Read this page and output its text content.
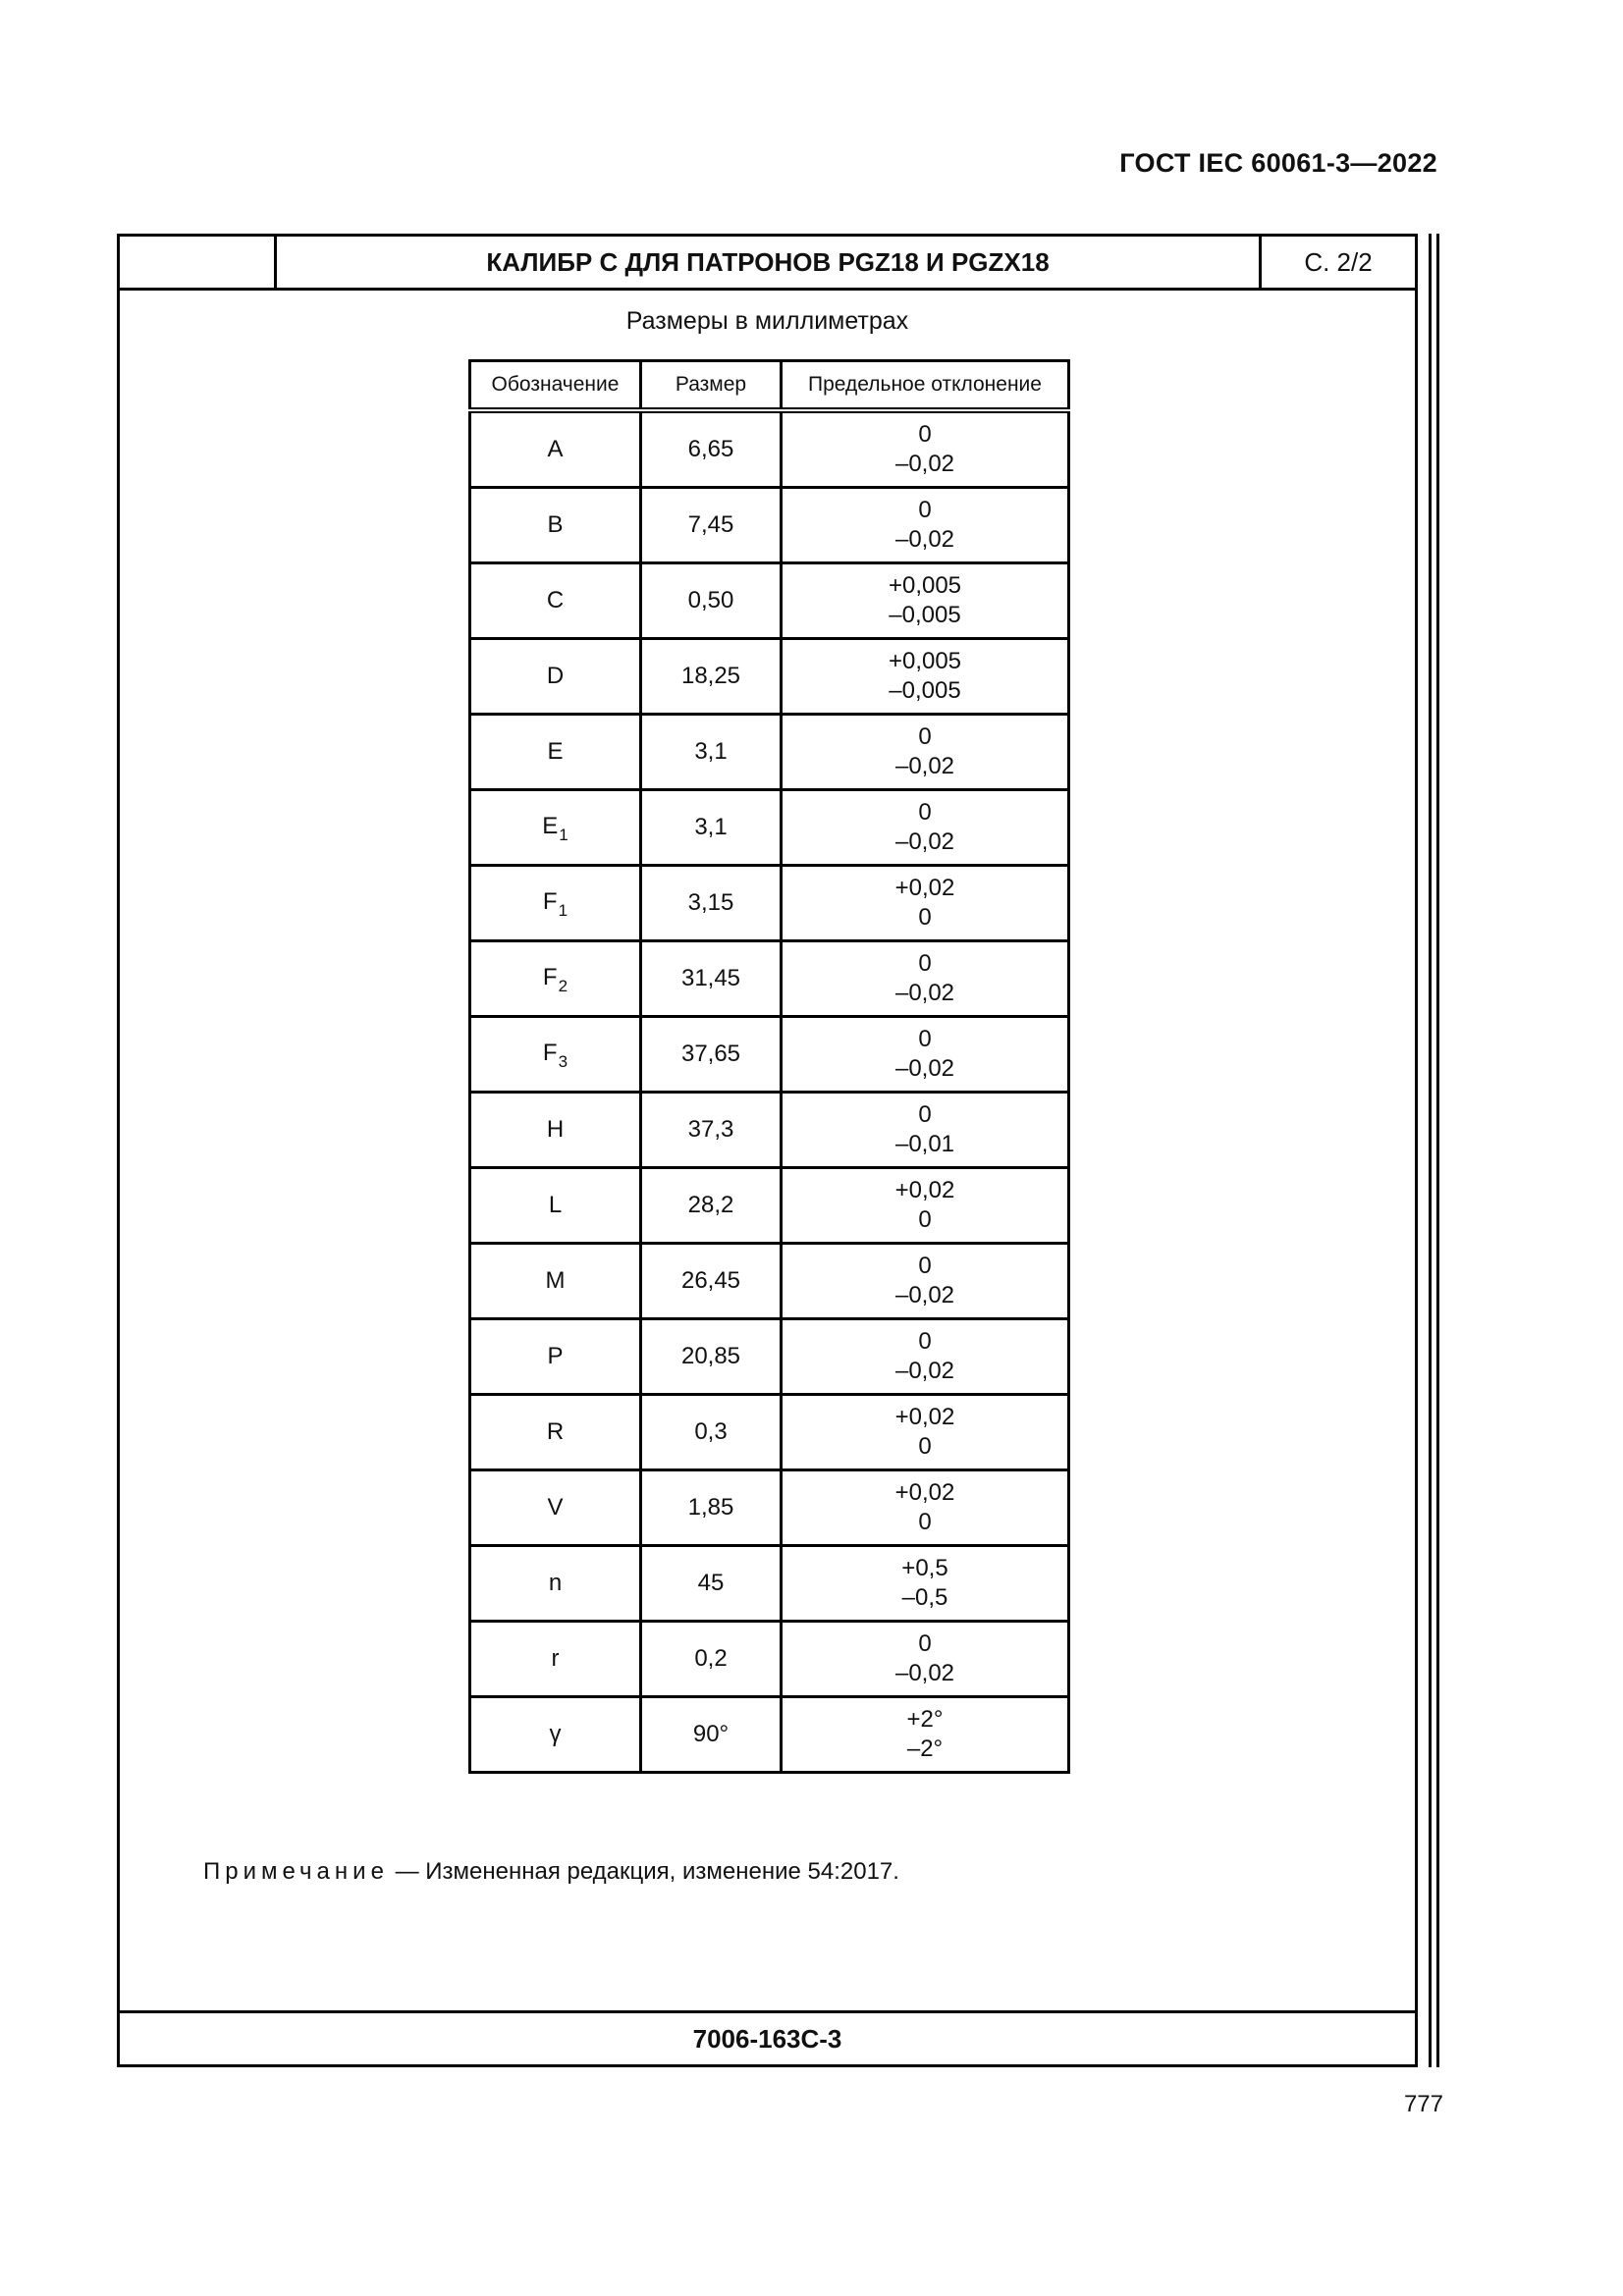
ГОСТ IEC 60061-3—2022
КАЛИБР С ДЛЯ ПАТРОНОВ PGZ18 И PGZX18	С. 2/2
Размеры в миллиметрах
Обозначение	Размер	Предельное отклонение
A	6,65	0
–0,02

B	7,45	0
–0,02

C	0,50	+0,005
–0,005

D	18,25	+0,005
–0,005

E	3,1	0
–0,02

$E_1$	3,1	0
–0,02

$F_1$	3,15	+0,02
0

$F_2$	31,45	0
–0,02

$F_3$	37,65	0
–0,02

H	37,3	0
–0,01

L	28,2	+0,02
0

M	26,45	0
–0,02

P	20,85	0
–0,02

R	0,3	+0,02
0

V	1,85	+0,02
0

n	45	+0,5
–0,5

r	0,2	0
–0,02

γ	90°	+2°
–2°
Примечание — Измененная редакция, изменение 54:2017.
7006-163С-3
777
